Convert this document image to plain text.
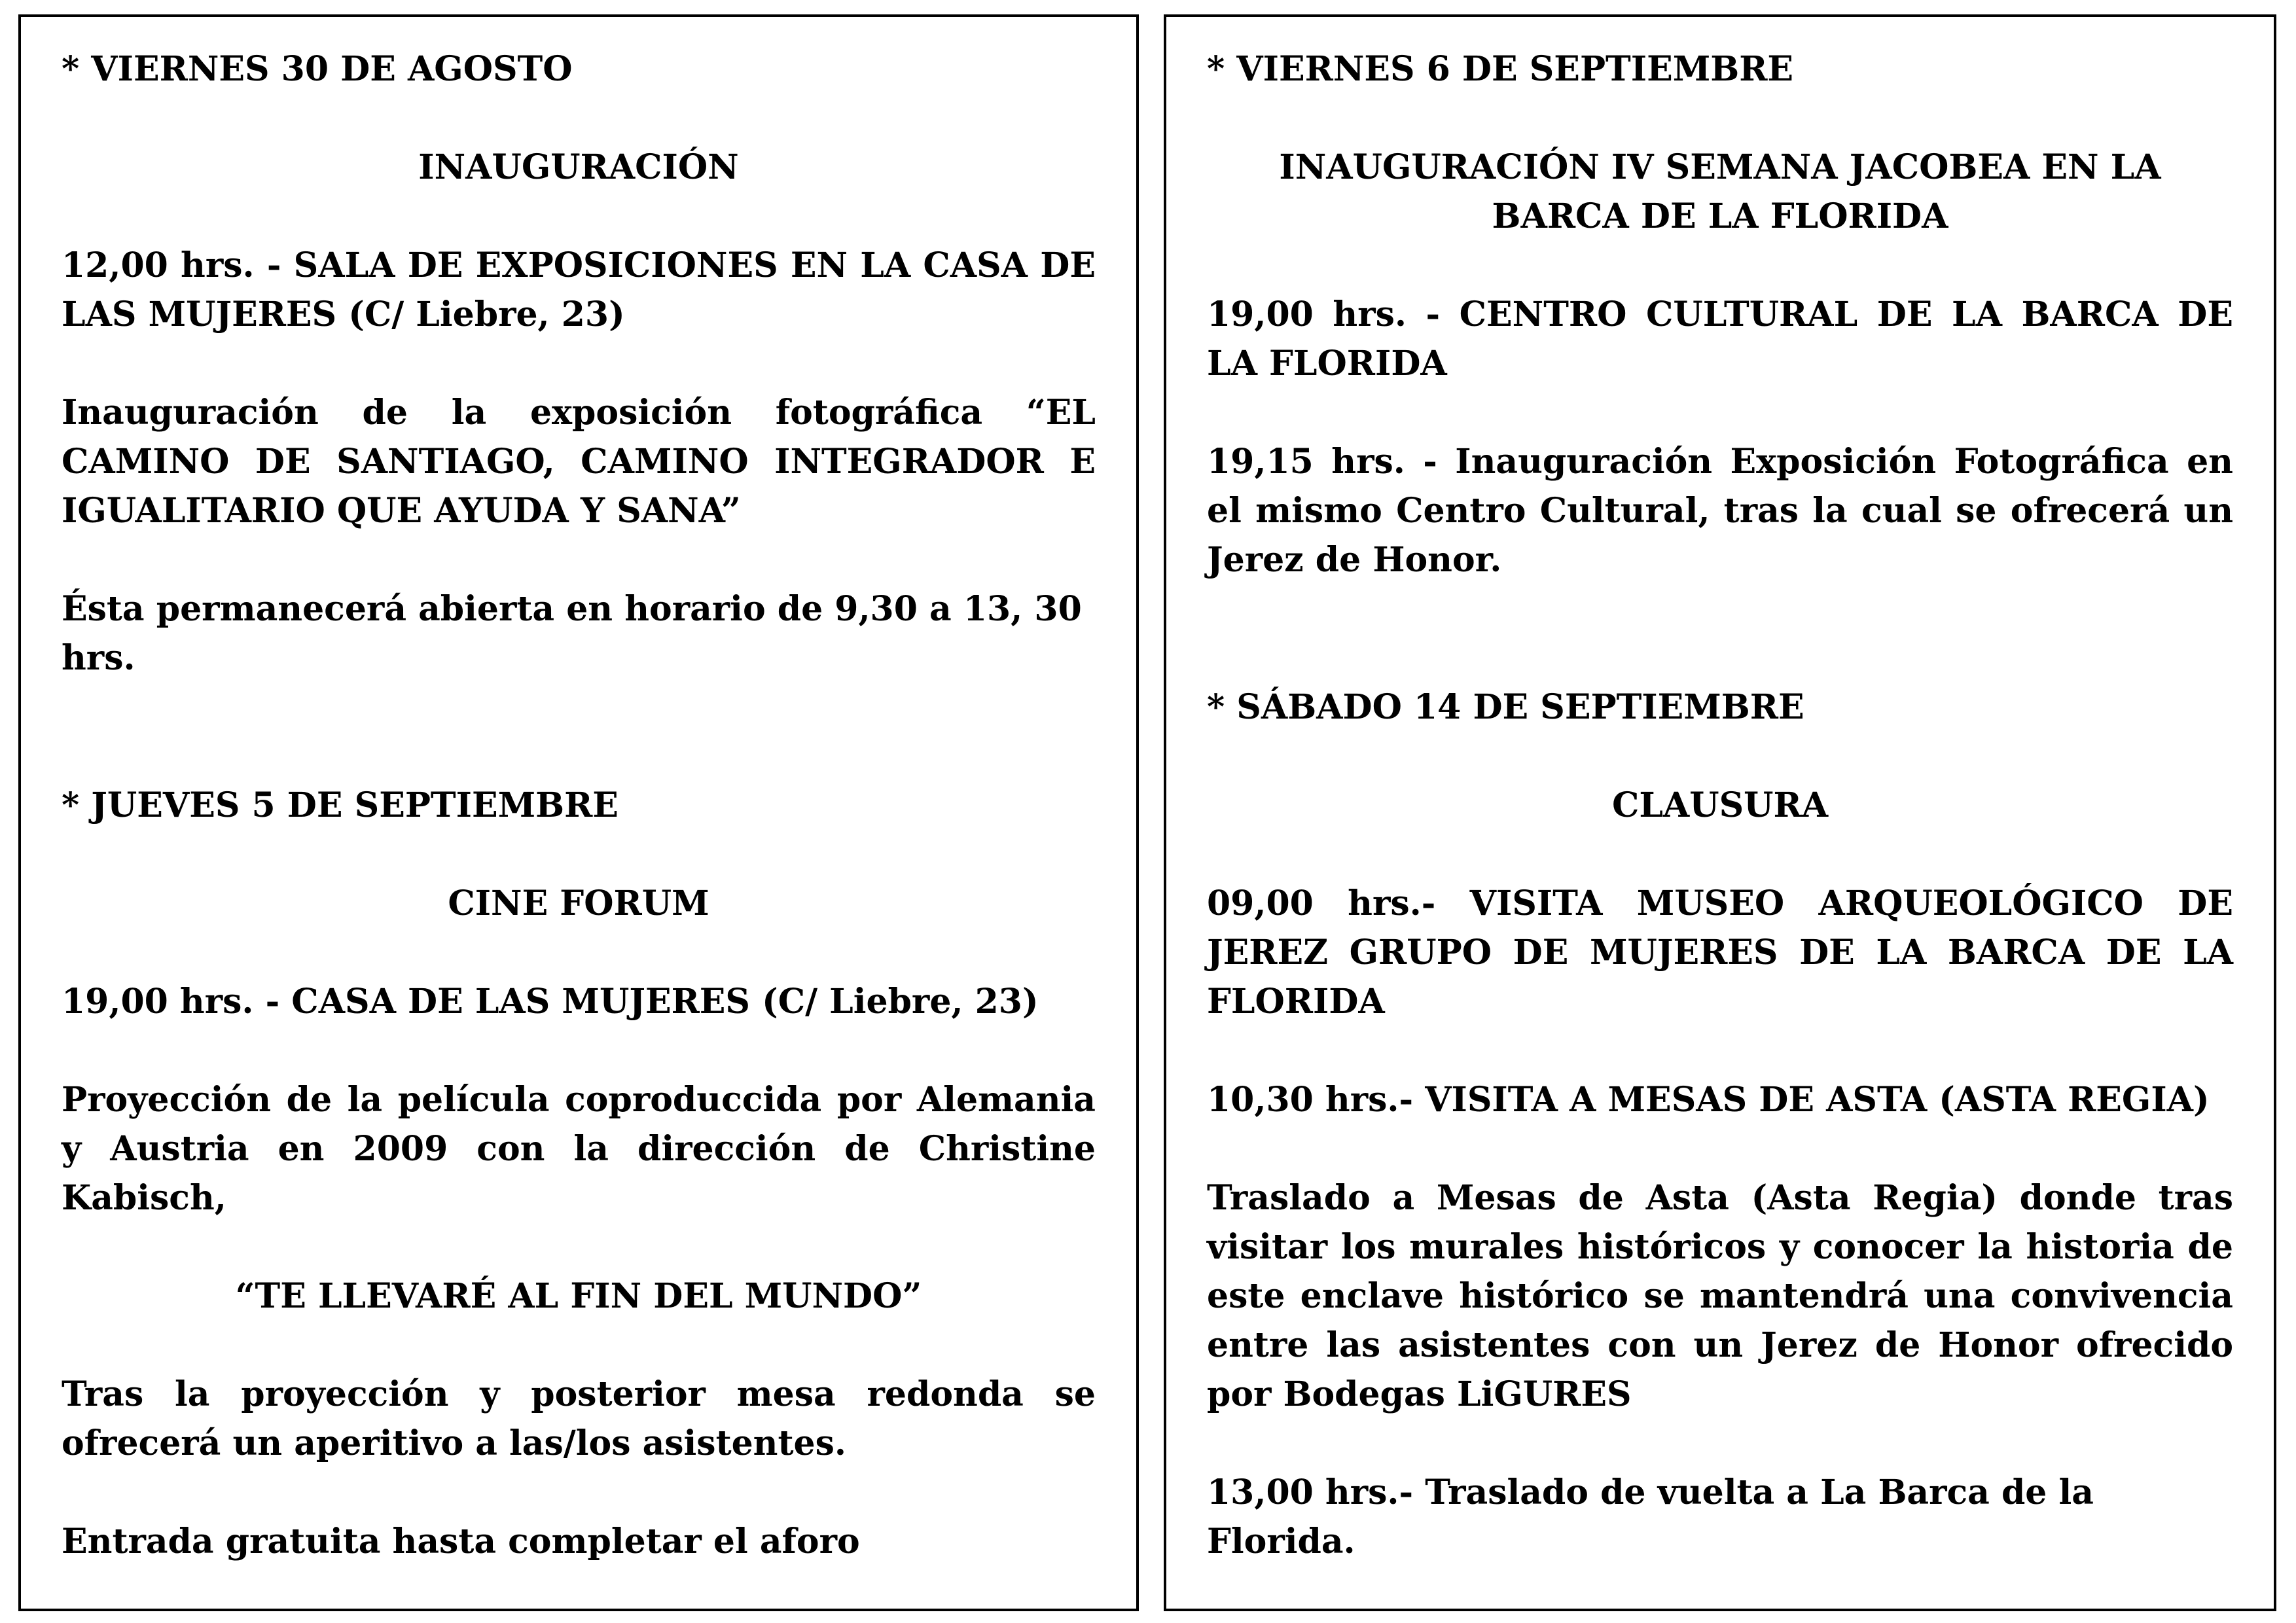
* VIERNES 30 DE AGOSTO

INAUGURACIÓN

12,00 hrs. - SALA DE EXPOSICIONES EN LA CASA DE LAS MUJERES (C/ Liebre, 23)

Inauguración de la exposición fotográfica “EL CAMINO DE SANTIAGO, CAMINO INTEGRADOR E IGUALITARIO QUE AYUDA Y SANA”

Ésta permanecerá abierta en horario de 9,30 a 13, 30 hrs.

* JUEVES 5 DE SEPTIEMBRE

CINE FORUM

19,00 hrs. - CASA DE LAS MUJERES (C/ Liebre, 23)

Proyección de la película coproduccida por Alemania y Austria en 2009 con la dirección de Christine Kabisch,

“TE LLEVARÉ AL FIN DEL MUNDO”

Tras la proyección y posterior mesa redonda se ofrecerá un aperitivo a las/los asistentes.

Entrada gratuita hasta completar el aforo

* VIERNES 6 DE SEPTIEMBRE

INAUGURACIÓN IV SEMANA JACOBEA EN LA BARCA DE LA FLORIDA

19,00 hrs. - CENTRO CULTURAL DE LA BARCA DE LA FLORIDA

19,15 hrs. - Inauguración Exposición Fotográfica en el mismo Centro Cultural, tras la cual se ofrecerá un Jerez de Honor.

* SÁBADO 14 DE SEPTIEMBRE

CLAUSURA

09,00 hrs.- VISITA MUSEO ARQUEOLÓGICO DE JEREZ GRUPO DE MUJERES DE LA BARCA DE LA FLORIDA

10,30 hrs.- VISITA A MESAS DE ASTA (ASTA REGIA)

Traslado a Mesas de Asta (Asta Regia) donde tras visitar los murales históricos y conocer la historia de este enclave histórico se mantendrá una convivencia entre las asistentes con un Jerez de Honor ofrecido por Bodegas LiGURES

13,00 hrs.- Traslado de vuelta a La Barca de la Florida.
